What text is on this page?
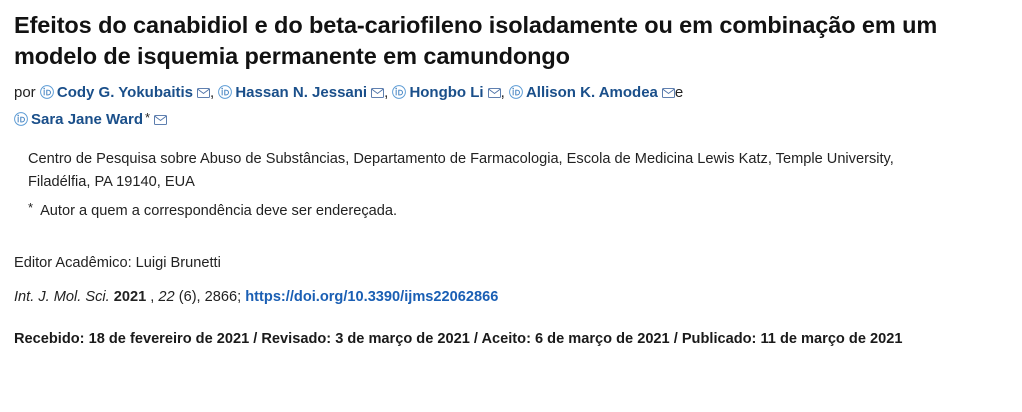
Efeitos do canabidiol e do beta-cariofileno isoladamente ou em combinação em um modelo de isquemia permanente em camundongo
por Cody G. Yokubaitis , Hassan N. Jessani , Hongbo Li , Allison K. Amodea e
Sara Jane Ward *
Centro de Pesquisa sobre Abuso de Substâncias, Departamento de Farmacologia, Escola de Medicina Lewis Katz, Temple University, Filadélfia, PA 19140, EUA
* Autor a quem a correspondência deve ser endereçada.
Editor Acadêmico: Luigi Brunetti
Int. J. Mol. Sci. 2021 , 22 (6), 2866; https://doi.org/10.3390/ijms22062866
Recebido: 18 de fevereiro de 2021 / Revisado: 3 de março de 2021 / Aceito: 6 de março de 2021 / Publicado: 11 de março de 2021
